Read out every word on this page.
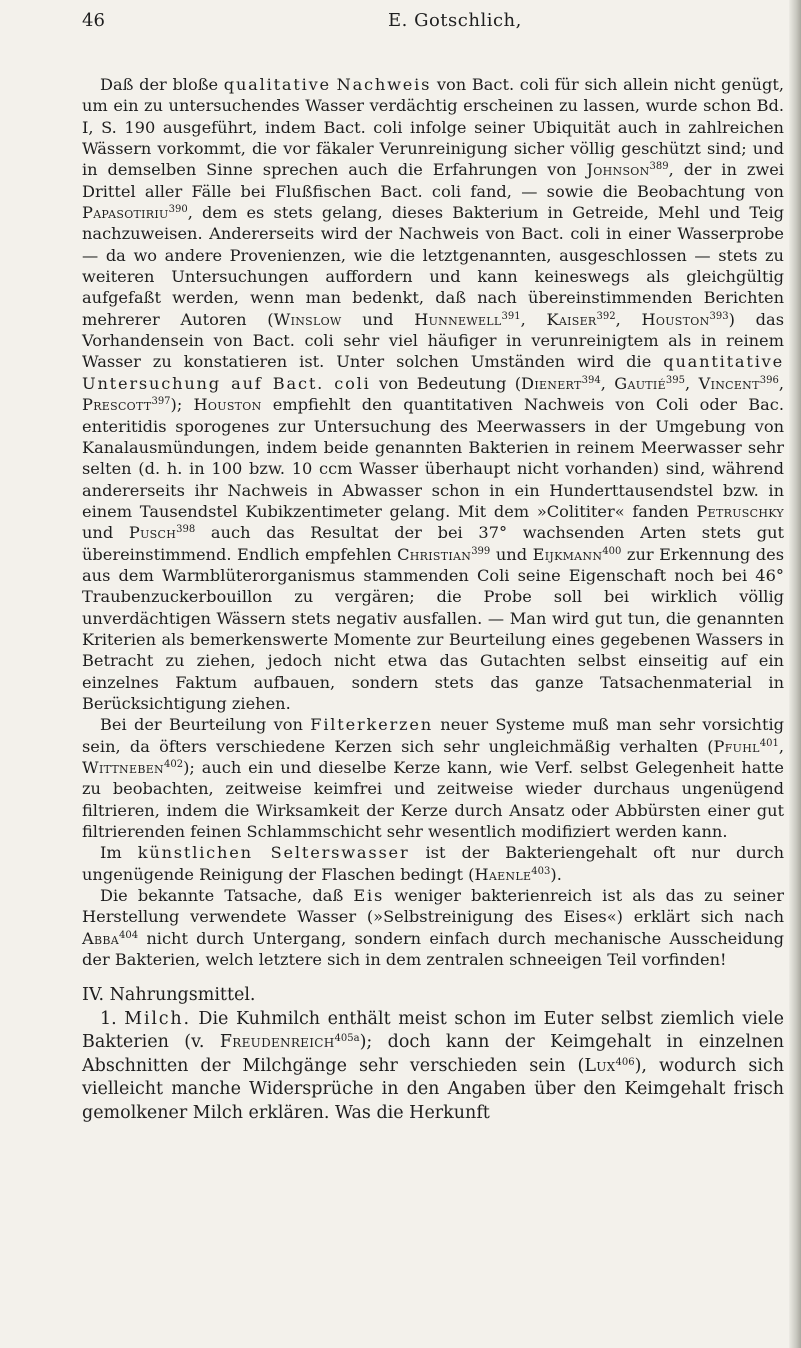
46	E. Gotschlich,

Daß der bloße qualitative Nachweis von Bact. coli für sich allein nicht genügt, um ein zu untersuchendes Wasser verdächtig erscheinen zu lassen, wurde schon Bd. I, S. 190 ausgeführt, indem Bact. coli infolge seiner Ubiquität auch in zahlreichen Wässern vorkommt, die vor fäkaler Verunreinigung sicher völlig geschützt sind; und in demselben Sinne sprechen auch die Erfahrungen von Johnson$^{389}$, der in zwei Drittel aller Fälle bei Flußfischen Bact. coli fand, — sowie die Beobachtung von Papasotiriu$^{390}$, dem es stets gelang, dieses Bakterium in Getreide, Mehl und Teig nachzuweisen. Andererseits wird der Nachweis von Bact. coli in einer Wasserprobe — da wo andere Provenienzen, wie die letztgenannten, ausgeschlossen — stets zu weiteren Untersuchungen auffordern und kann keineswegs als gleichgültig aufgefaßt werden, wenn man bedenkt, daß nach übereinstimmenden Berichten mehrerer Autoren (Winslow und Hunnewell$^{391}$, Kaiser$^{392}$, Houston$^{393}$) das Vorhandensein von Bact. coli sehr viel häufiger in verunreinigtem als in reinem Wasser zu konstatieren ist. Unter solchen Umständen wird die quantitative Untersuchung auf Bact. coli von Bedeutung (Dienert$^{394}$, Gautié$^{395}$, Vincent$^{396}$, Prescott$^{397}$); Houston empfiehlt den quantitativen Nachweis von Coli oder Bac. enteritidis sporogenes zur Untersuchung des Meerwassers in der Umgebung von Kanalausmündungen, indem beide genannten Bakterien in reinem Meerwasser sehr selten (d. h. in 100 bzw. 10 ccm Wasser überhaupt nicht vorhanden) sind, während andererseits ihr Nachweis in Abwasser schon in ein Hunderttausendstel bzw. in einem Tausendstel Kubikzentimeter gelang. Mit dem »Colititer« fanden Petruschky und Pusch$^{398}$ auch das Resultat der bei 37° wachsenden Arten stets gut übereinstimmend. Endlich empfehlen Christian$^{399}$ und Eijkmann$^{400}$ zur Erkennung des aus dem Warmblüterorganismus stammenden Coli seine Eigenschaft noch bei 46° Traubenzuckerbouillon zu vergären; die Probe soll bei wirklich völlig unverdächtigen Wässern stets negativ ausfallen. — Man wird gut tun, die genannten Kriterien als bemerkenswerte Momente zur Beurteilung eines gegebenen Wassers in Betracht zu ziehen, jedoch nicht etwa das Gutachten selbst einseitig auf ein einzelnes Faktum aufbauen, sondern stets das ganze Tatsachenmaterial in Berücksichtigung ziehen.

Bei der Beurteilung von Filterkerzen neuer Systeme muß man sehr vorsichtig sein, da öfters verschiedene Kerzen sich sehr ungleichmäßig verhalten (Pfuhl$^{401}$, Wittneben$^{402}$); auch ein und dieselbe Kerze kann, wie Verf. selbst Gelegenheit hatte zu beobachten, zeitweise keimfrei und zeitweise wieder durchaus ungenügend filtrieren, indem die Wirksamkeit der Kerze durch Ansatz oder Abbürsten einer gut filtrierenden feinen Schlammschicht sehr wesentlich modifiziert werden kann.

Im künstlichen Selterswasser ist der Bakteriengehalt oft nur durch ungenügende Reinigung der Flaschen bedingt (Haenle$^{403}$).

Die bekannte Tatsache, daß Eis weniger bakterienreich ist als das zu seiner Herstellung verwendete Wasser (»Selbstreinigung des Eises«) erklärt sich nach Abba$^{404}$ nicht durch Untergang, sondern einfach durch mechanische Ausscheidung der Bakterien, welch letztere sich in dem zentralen schneeigen Teil vorfinden!

IV. Nahrungsmittel.

1. Milch. Die Kuhmilch enthält meist schon im Euter selbst ziemlich viele Bakterien (v. Freudenreich$^{405a}$); doch kann der Keimgehalt in einzelnen Abschnitten der Milchgänge sehr verschieden sein (Lux$^{406}$), wodurch sich vielleicht manche Widersprüche in den Angaben über den Keimgehalt frisch gemolkener Milch erklären. Was die Herkunft
